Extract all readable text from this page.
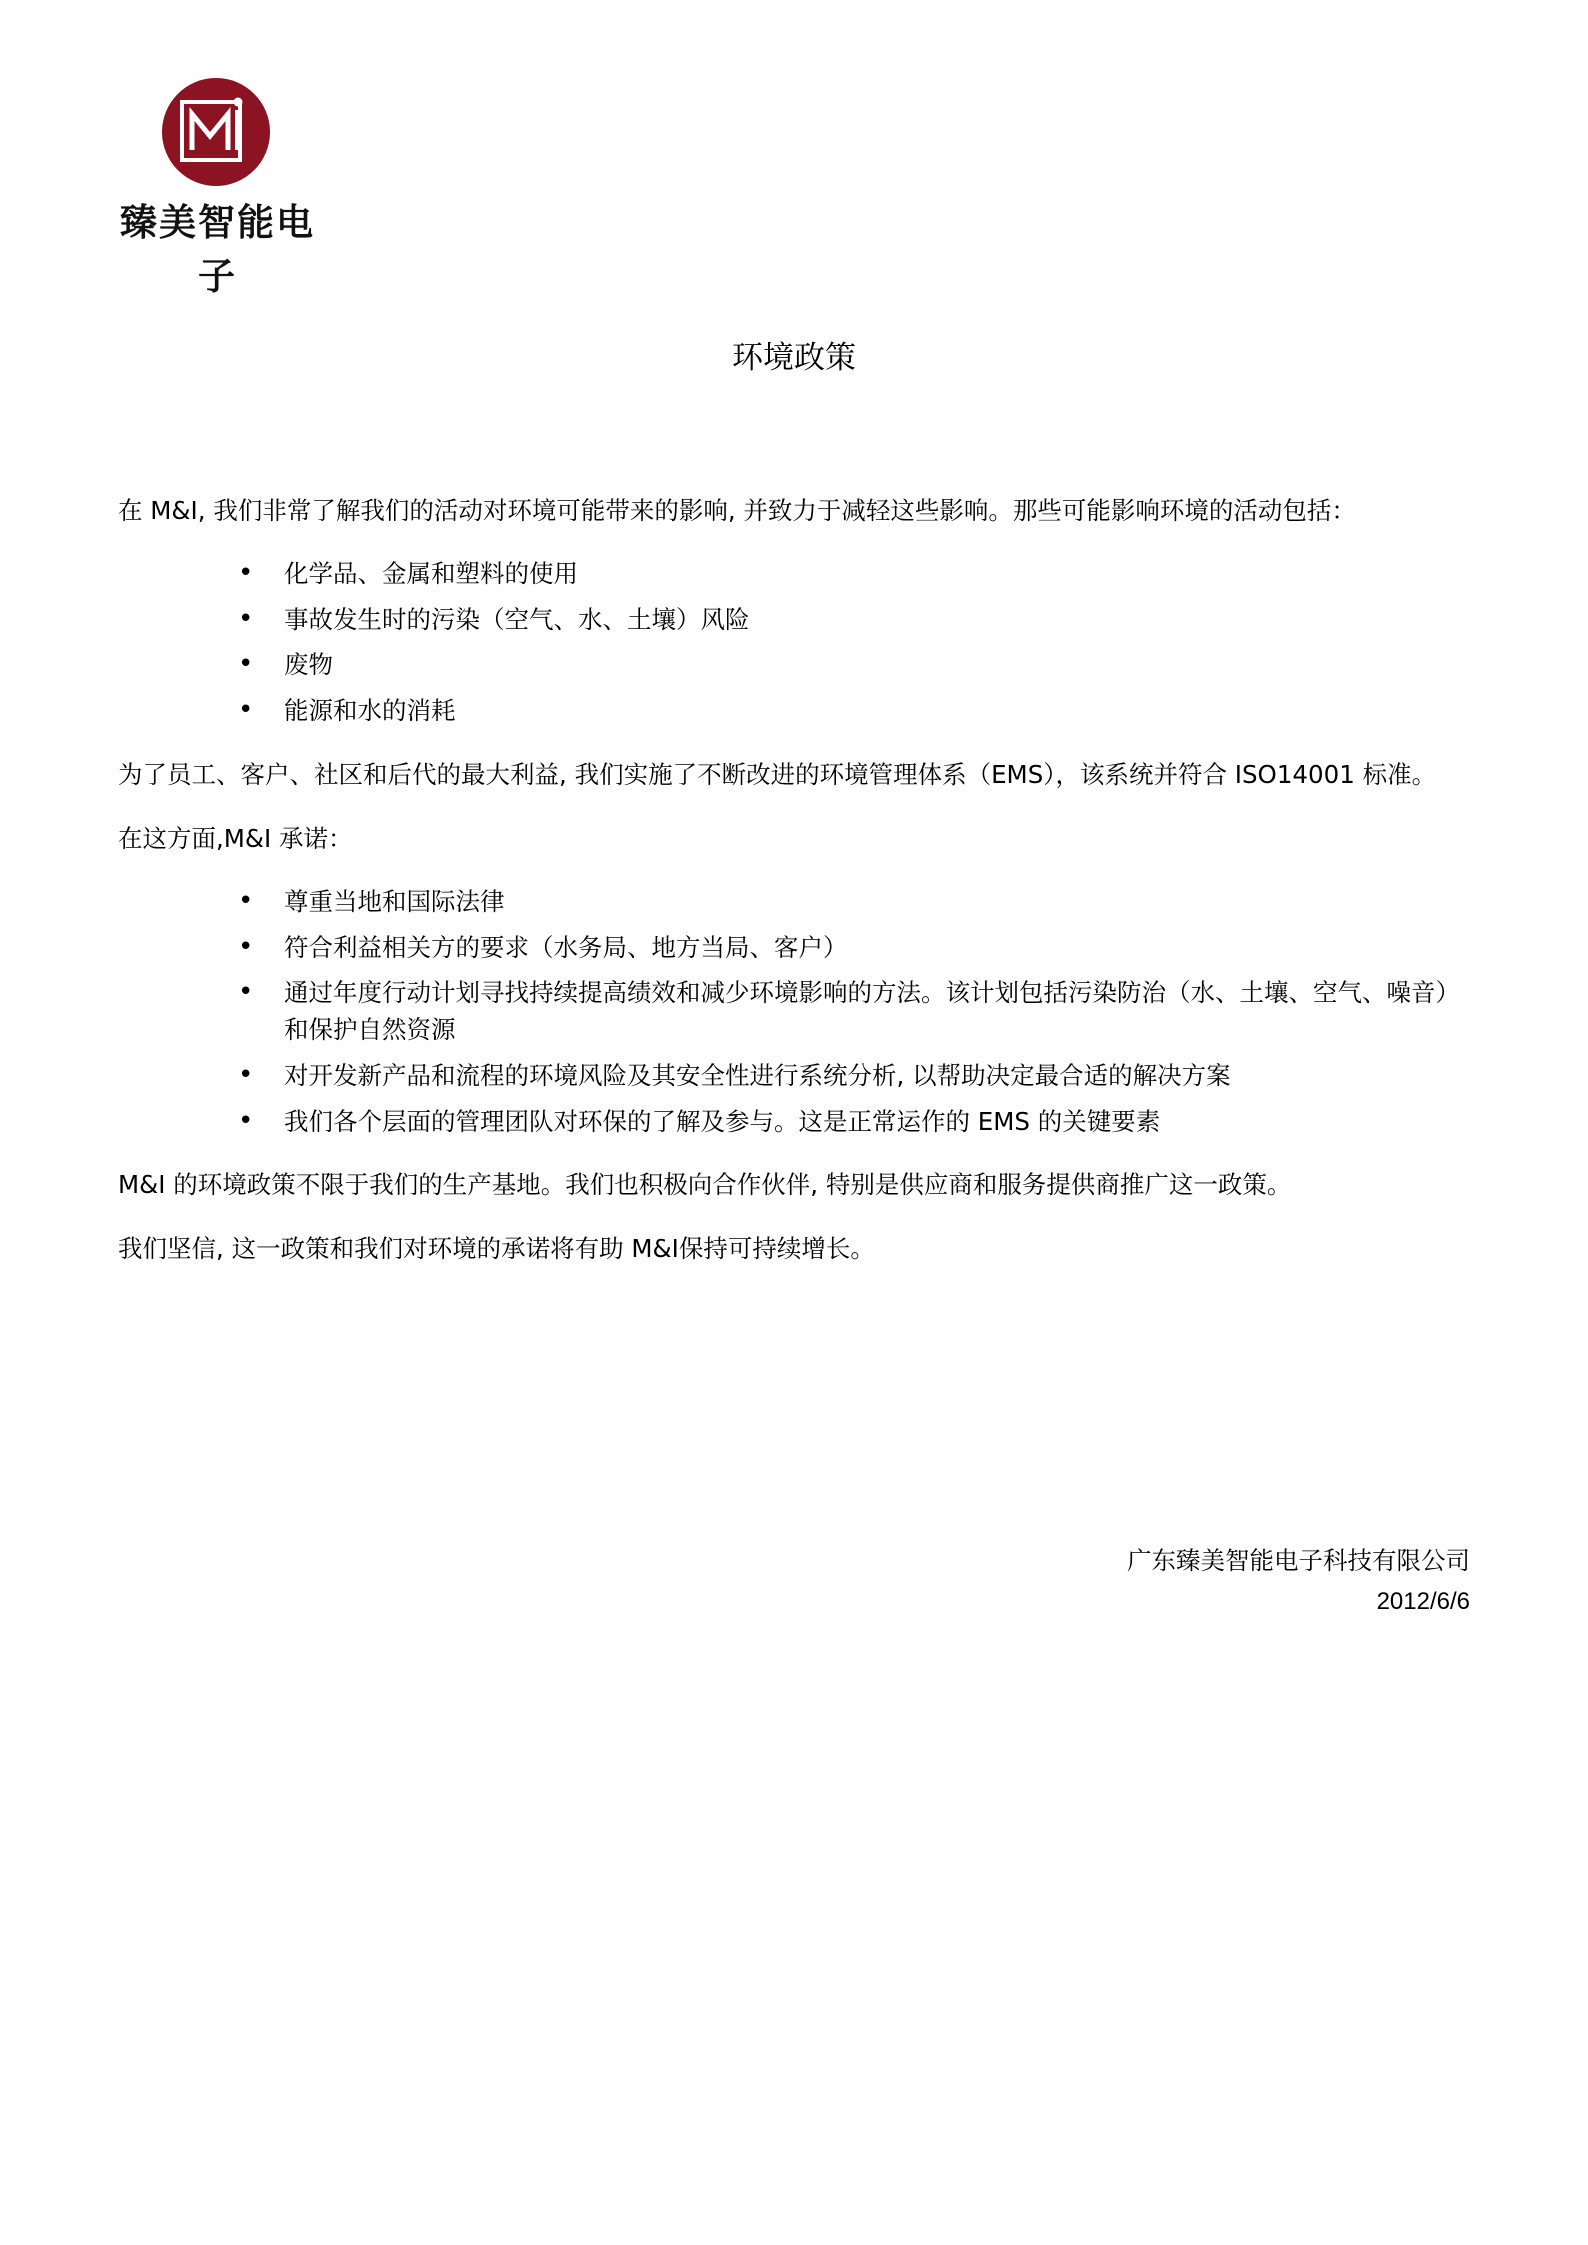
臻美智能电子
环境政策

在 M&I, 我们非常了解我们的活动对环境可能带来的影响, 并致力于减轻这些影响。那些可能影响环境的活动包括：

• 化学品、金属和塑料的使用
• 事故发生时的污染（空气、水、土壤）风险
• 废物
• 能源和水的消耗

为了员工、客户、社区和后代的最大利益, 我们实施了不断改进的环境管理体系（EMS），该系统并符合 ISO14001 标准。

在这方面,M&I 承诺：

• 尊重当地和国际法律
• 符合利益相关方的要求（水务局、地方当局、客户）
• 通过年度行动计划寻找持续提高绩效和减少环境影响的方法。该计划包括污染防治（水、土壤、空气、噪音）和保护自然资源
• 对开发新产品和流程的环境风险及其安全性进行系统分析, 以帮助决定最合适的解决方案
• 我们各个层面的管理团队对环保的了解及参与。这是正常运作的 EMS 的关键要素

M&I 的环境政策不限于我们的生产基地。我们也积极向合作伙伴, 特别是供应商和服务提供商推广这一政策。

我们坚信, 这一政策和我们对环境的承诺将有助 M&I保持可持续增长。

广东臻美智能电子科技有限公司
2012/6/6
